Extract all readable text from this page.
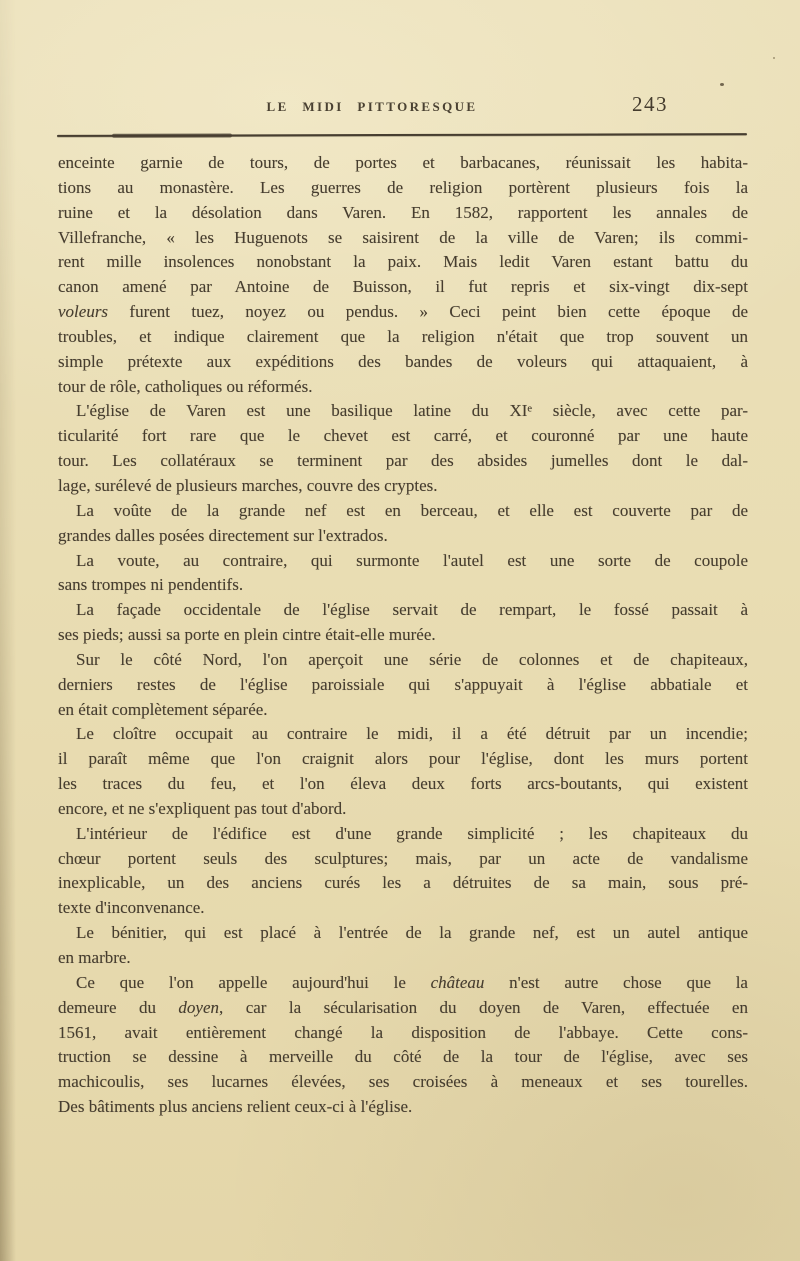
LE MIDI PITTORESQUE	243
enceinte garnie de tours, de portes et barbacanes, réunissait les habita-
tions au monastère. Les guerres de religion portèrent plusieurs fois la
ruine et la désolation dans Varen. En 1582, rapportent les annales de
Villefranche, « les Huguenots se saisirent de la ville de Varen; ils commi-
rent mille insolences nonobstant la paix. Mais ledit Varen estant battu du
canon amené par Antoine de Buisson, il fut repris et six-vingt dix-sept
voleurs furent tuez, noyez ou pendus. » Ceci peint bien cette époque de
troubles, et indique clairement que la religion n'était que trop souvent un
simple prétexte aux expéditions des bandes de voleurs qui attaquaient, à
tour de rôle, catholiques ou réformés.
L'église de Varen est une basilique latine du XIe siècle, avec cette par-
ticularité fort rare que le chevet est carré, et couronné par une haute
tour. Les collatéraux se terminent par des absides jumelles dont le dal-
lage, surélevé de plusieurs marches, couvre des cryptes.
La voûte de la grande nef est en berceau, et elle est couverte par de
grandes dalles posées directement sur l'extrados.
La voute, au contraire, qui surmonte l'autel est une sorte de coupole
sans trompes ni pendentifs.
La façade occidentale de l'église servait de rempart, le fossé passait à
ses pieds; aussi sa porte en plein cintre était-elle murée.
Sur le côté Nord, l'on aperçoit une série de colonnes et de chapiteaux,
derniers restes de l'église paroissiale qui s'appuyait à l'église abbatiale et
en était complètement séparée.
Le cloître occupait au contraire le midi, il a été détruit par un incendie;
il paraît même que l'on craignit alors pour l'église, dont les murs portent
les traces du feu, et l'on éleva deux forts arcs-boutants, qui existent
encore, et ne s'expliquent pas tout d'abord.
L'intérieur de l'édifice est d'une grande simplicité ; les chapiteaux du
chœur portent seuls des sculptures; mais, par un acte de vandalisme
inexplicable, un des anciens curés les a détruites de sa main, sous pré-
texte d'inconvenance.
Le bénitier, qui est placé à l'entrée de la grande nef, est un autel antique
en marbre.
Ce que l'on appelle aujourd'hui le château n'est autre chose que la
demeure du doyen, car la sécularisation du doyen de Varen, effectuée en
1561, avait entièrement changé la disposition de l'abbaye. Cette cons-
truction se dessine à merveille du côté de la tour de l'église, avec ses
machicoulis, ses lucarnes élevées, ses croisées à meneaux et ses tourelles.
Des bâtiments plus anciens relient ceux-ci à l'église.
